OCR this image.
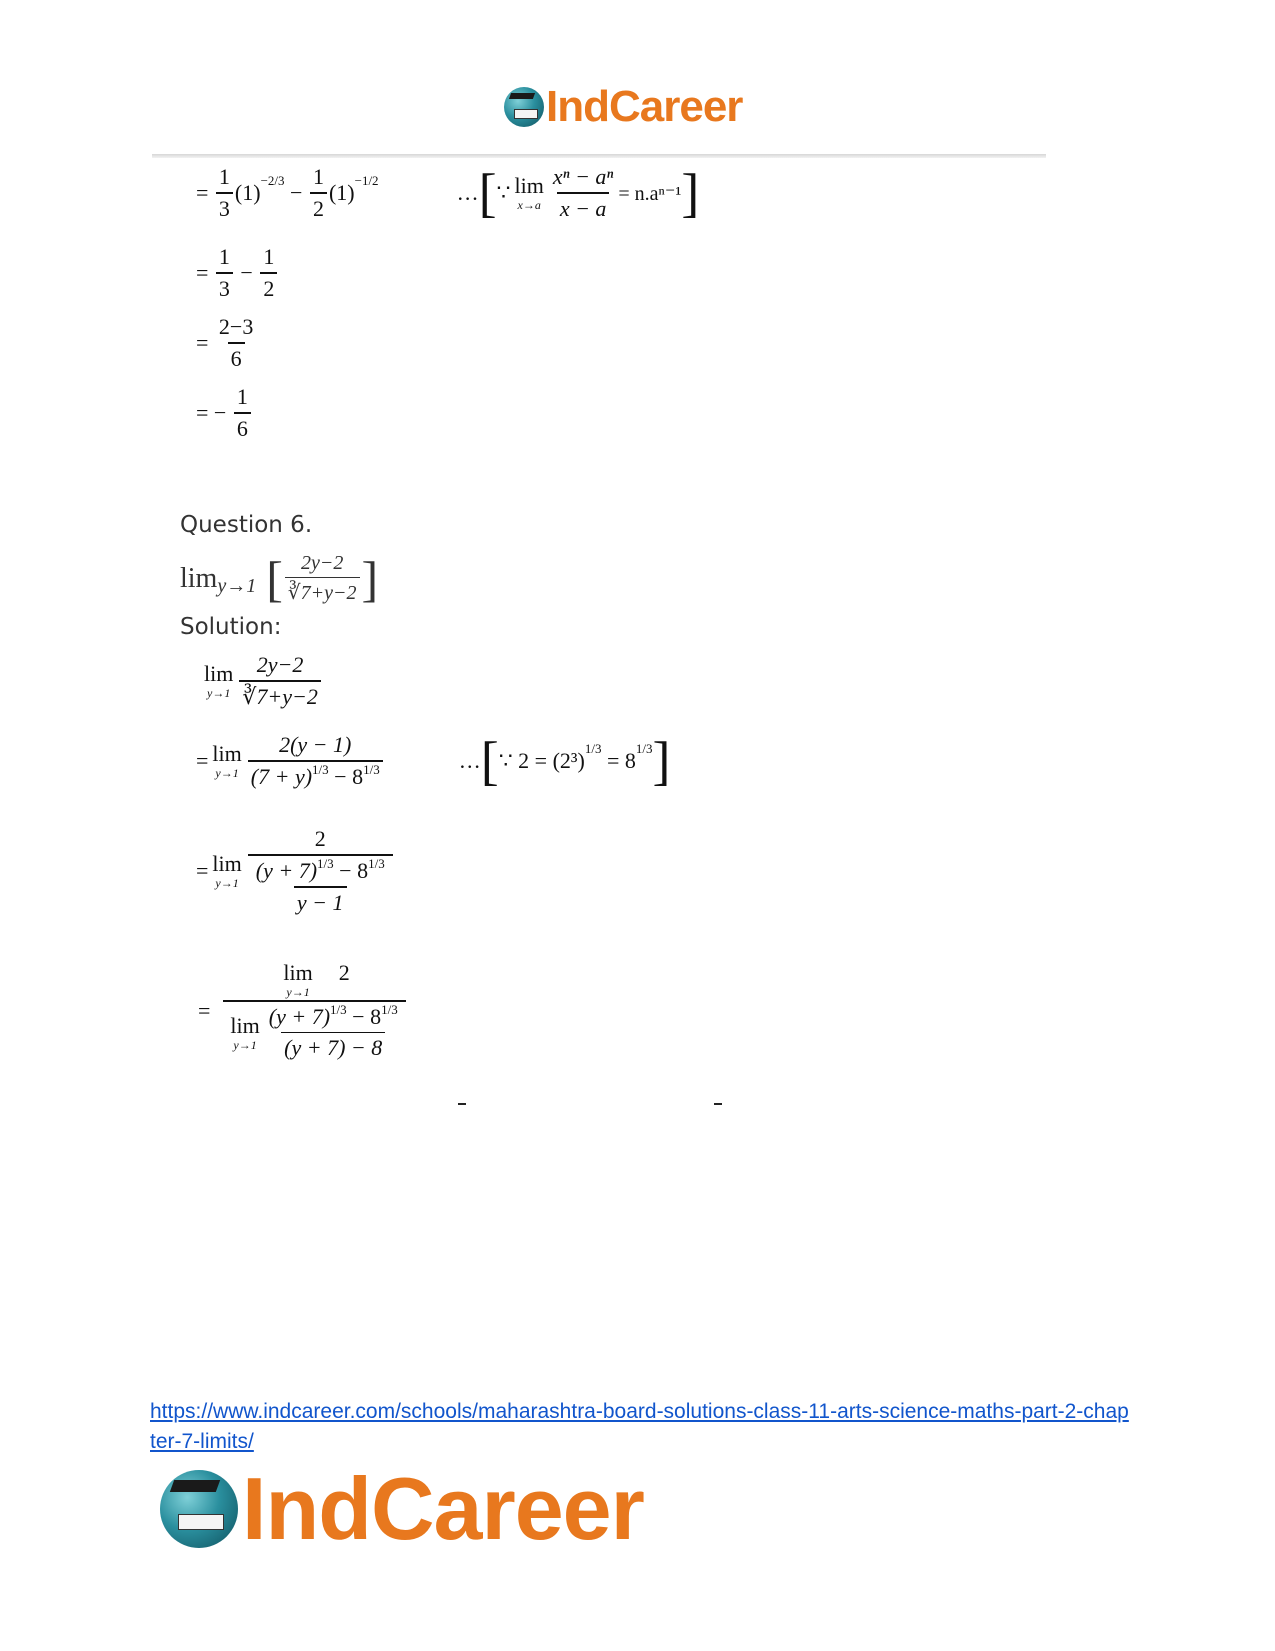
IndCareer
= $\frac{1}{3} (1) -2/3 - \frac{1}{2} (1) -1/2$	… [ ∵ lim
$x\to a \frac{\text{xⁿ − aⁿ}}{x - a} = n.a^{n-1}$ ]
= $\frac{1}{3} - \frac{1}{2}$
= $\frac{2-3}{6}$
= − $\frac{1}{6}$
Question 6.
lim y→1 [ $\frac{2y-2}{∛7+y-2}$ ]
Solution:
lim
$y\to 1 \frac{2y-2}{∛7+y-2}$
= lim
$y\to 1 \frac{2(y - 1)}{(7 + y)^{1/3} - 8^{1/3}}$	… [ ∵ 2 = (2³) 1/3 = 8 1/3 ]
= lim
$y\to 1 \frac{2}{\frac{(y + 7)^{1/3} - 8^{1/3}}{y - 1}}$
= lim
y→1
2
lim
$y\to 1 \frac{(y + 7)^{1/3} - 8^{1/3}}{(y + 7) - 8}$
https://www.indcareer.com/schools/maharashtra-board-solutions-class-11-arts-science-maths-part-2-chapter-7-limits/
IndCareer
